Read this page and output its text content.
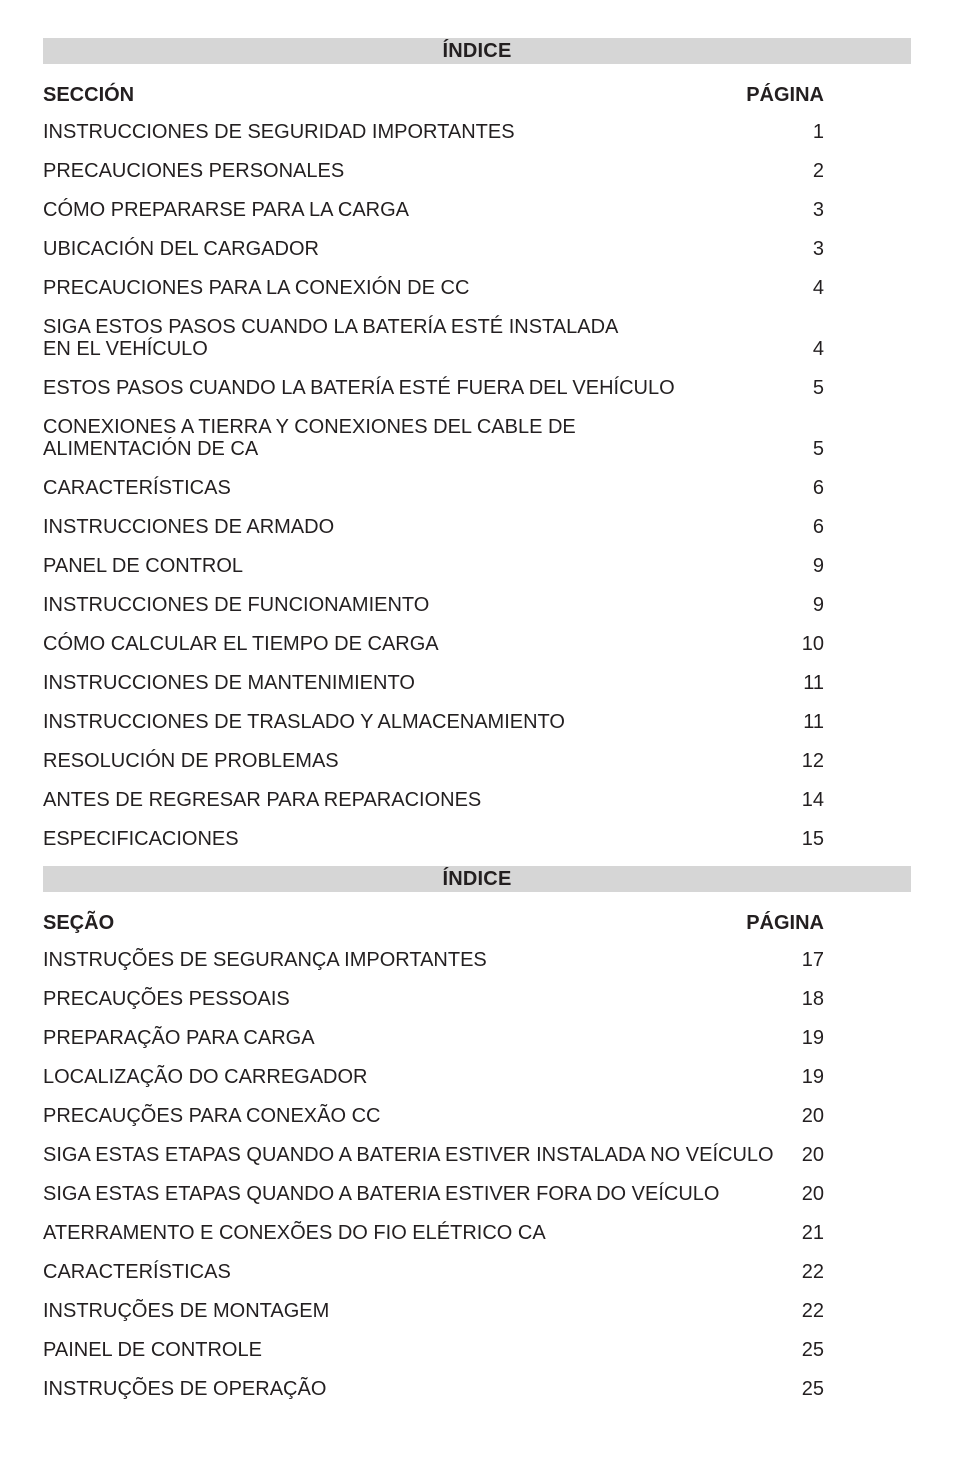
ÍNDICE
SECCIÓN	PÁGINA
INSTRUCCIONES DE SEGURIDAD IMPORTANTES	1
PRECAUCIONES PERSONALES	2
CÓMO PREPARARSE PARA LA CARGA	3
UBICACIÓN DEL CARGADOR	3
PRECAUCIONES PARA LA CONEXIÓN DE CC	4
SIGA ESTOS PASOS CUANDO LA BATERÍA ESTÉ INSTALADA
EN EL VEHÍCULO	4
ESTOS PASOS CUANDO LA BATERÍA ESTÉ FUERA DEL VEHÍCULO	5
CONEXIONES A TIERRA Y CONEXIONES DEL CABLE DE
ALIMENTACIÓN DE CA	5
CARACTERÍSTICAS	6
INSTRUCCIONES DE ARMADO	6
PANEL DE CONTROL	9
INSTRUCCIONES DE FUNCIONAMIENTO	9
CÓMO CALCULAR EL TIEMPO DE CARGA	10
INSTRUCCIONES DE MANTENIMIENTO	11
INSTRUCCIONES DE TRASLADO Y ALMACENAMIENTO	11
RESOLUCIÓN DE PROBLEMAS	12
ANTES DE REGRESAR PARA REPARACIONES	14
ESPECIFICACIONES	15
ÍNDICE
SEÇÃO	PÁGINA
INSTRUÇÕES DE SEGURANÇA IMPORTANTES	17
PRECAUÇÕES PESSOAIS	18
PREPARAÇÃO PARA CARGA	19
LOCALIZAÇÃO DO CARREGADOR	19
PRECAUÇÕES PARA CONEXÃO CC	20
SIGA ESTAS ETAPAS QUANDO A BATERIA ESTIVER INSTALADA NO VEÍCULO	20
SIGA ESTAS ETAPAS QUANDO A BATERIA ESTIVER FORA DO VEÍCULO	20
ATERRAMENTO E CONEXÕES DO FIO ELÉTRICO CA	21
CARACTERÍSTICAS	22
INSTRUÇÕES DE MONTAGEM	22
PAINEL DE CONTROLE	25
INSTRUÇÕES DE OPERAÇÃO	25
